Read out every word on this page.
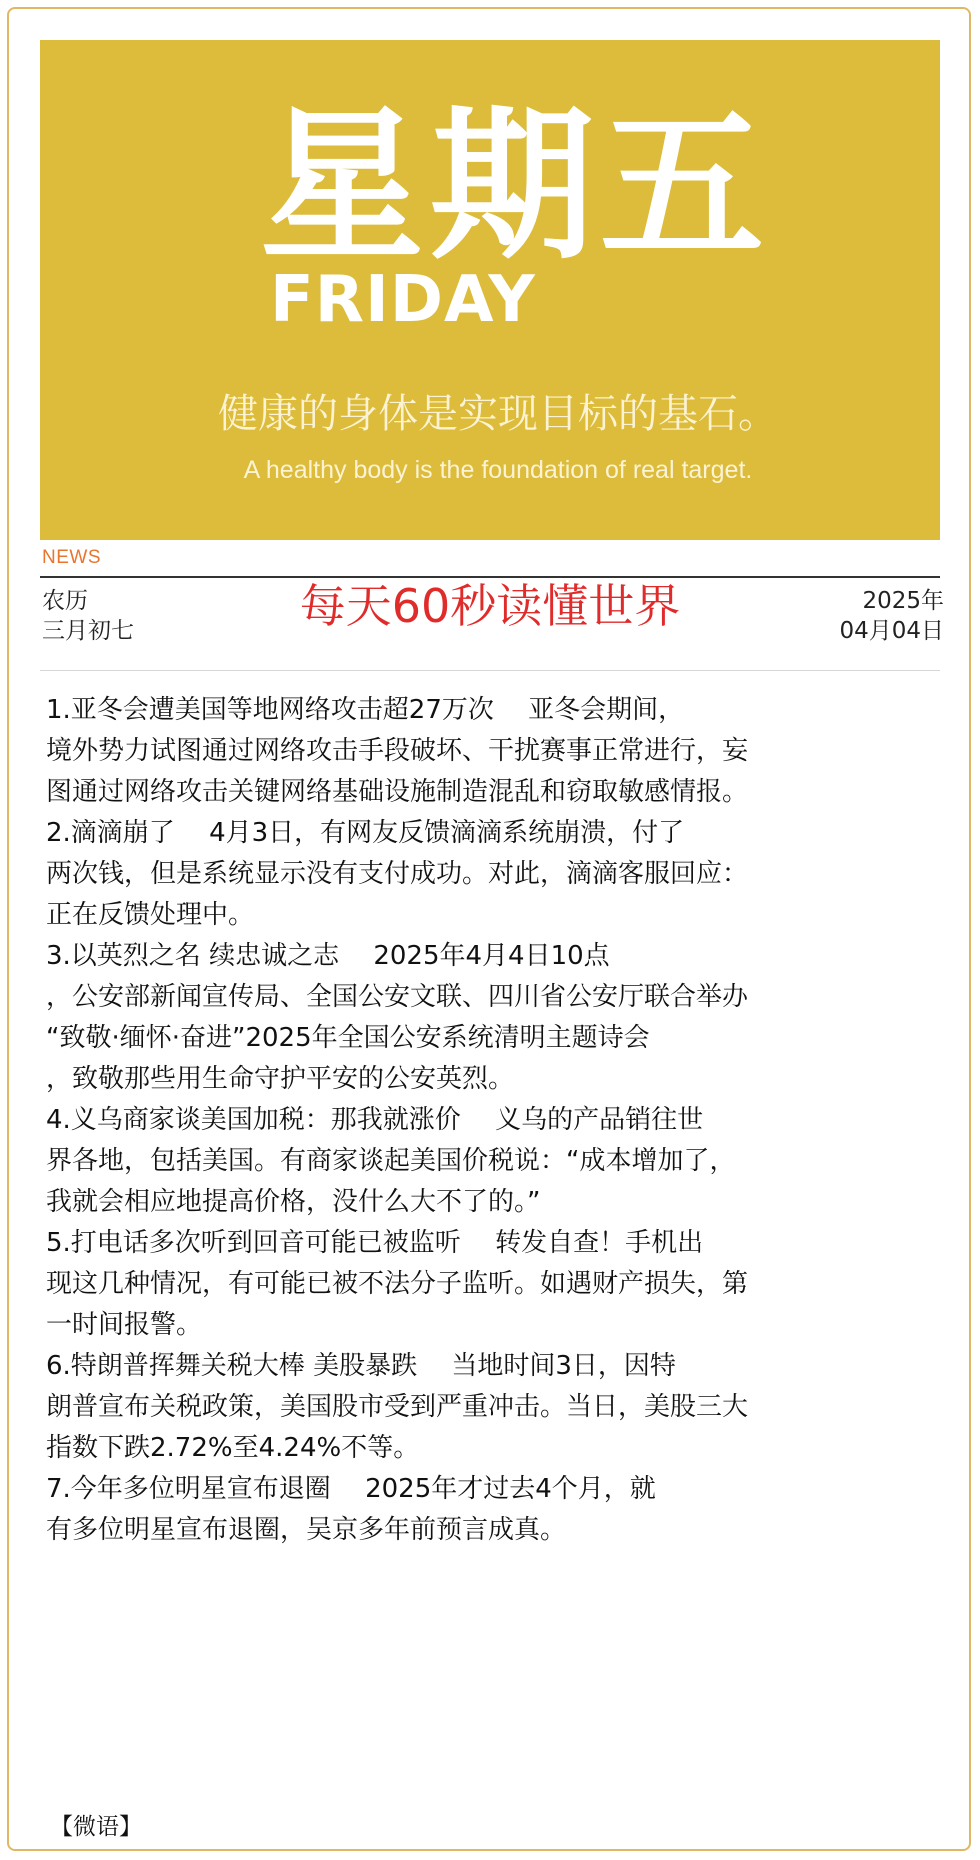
星期五
FRIDAY
健康的身体是实现目标的基石。
A healthy body is the foundation of real target.
NEWS
农历
三月初七	每天60秒读懂世界	2025年
04月04日
1.亚冬会遭美国等地网络攻击超27万次　 亚冬会期间，
境外势力试图通过网络攻击手段破坏、干扰赛事正常进行，妄
图通过网络攻击关键网络基础设施制造混乱和窃取敏感情报。
2.滴滴崩了　 4月3日，有网友反馈滴滴系统崩溃，付了
两次钱，但是系统显示没有支付成功。对此，滴滴客服回应：
正在反馈处理中。
3.以英烈之名 续忠诚之志　 2025年4月4日10点
，公安部新闻宣传局、全国公安文联、四川省公安厅联合举办
“致敬·缅怀·奋进”2025年全国公安系统清明主题诗会
，致敬那些用生命守护平安的公安英烈。
4.义乌商家谈美国加税：那我就涨价　 义乌的产品销往世
界各地，包括美国。有商家谈起美国价税说：“成本增加了，
我就会相应地提高价格，没什么大不了的。”
5.打电话多次听到回音可能已被监听　 转发自查！手机出
现这几种情况，有可能已被不法分子监听。如遇财产损失，第
一时间报警。
6.特朗普挥舞关税大棒 美股暴跌　 当地时间3日，因特
朗普宣布关税政策，美国股市受到严重冲击。当日，美股三大
指数下跌2.72%至4.24%不等。
7.今年多位明星宣布退圈　 2025年才过去4个月，就
有多位明星宣布退圈，吴京多年前预言成真。
【微语】
